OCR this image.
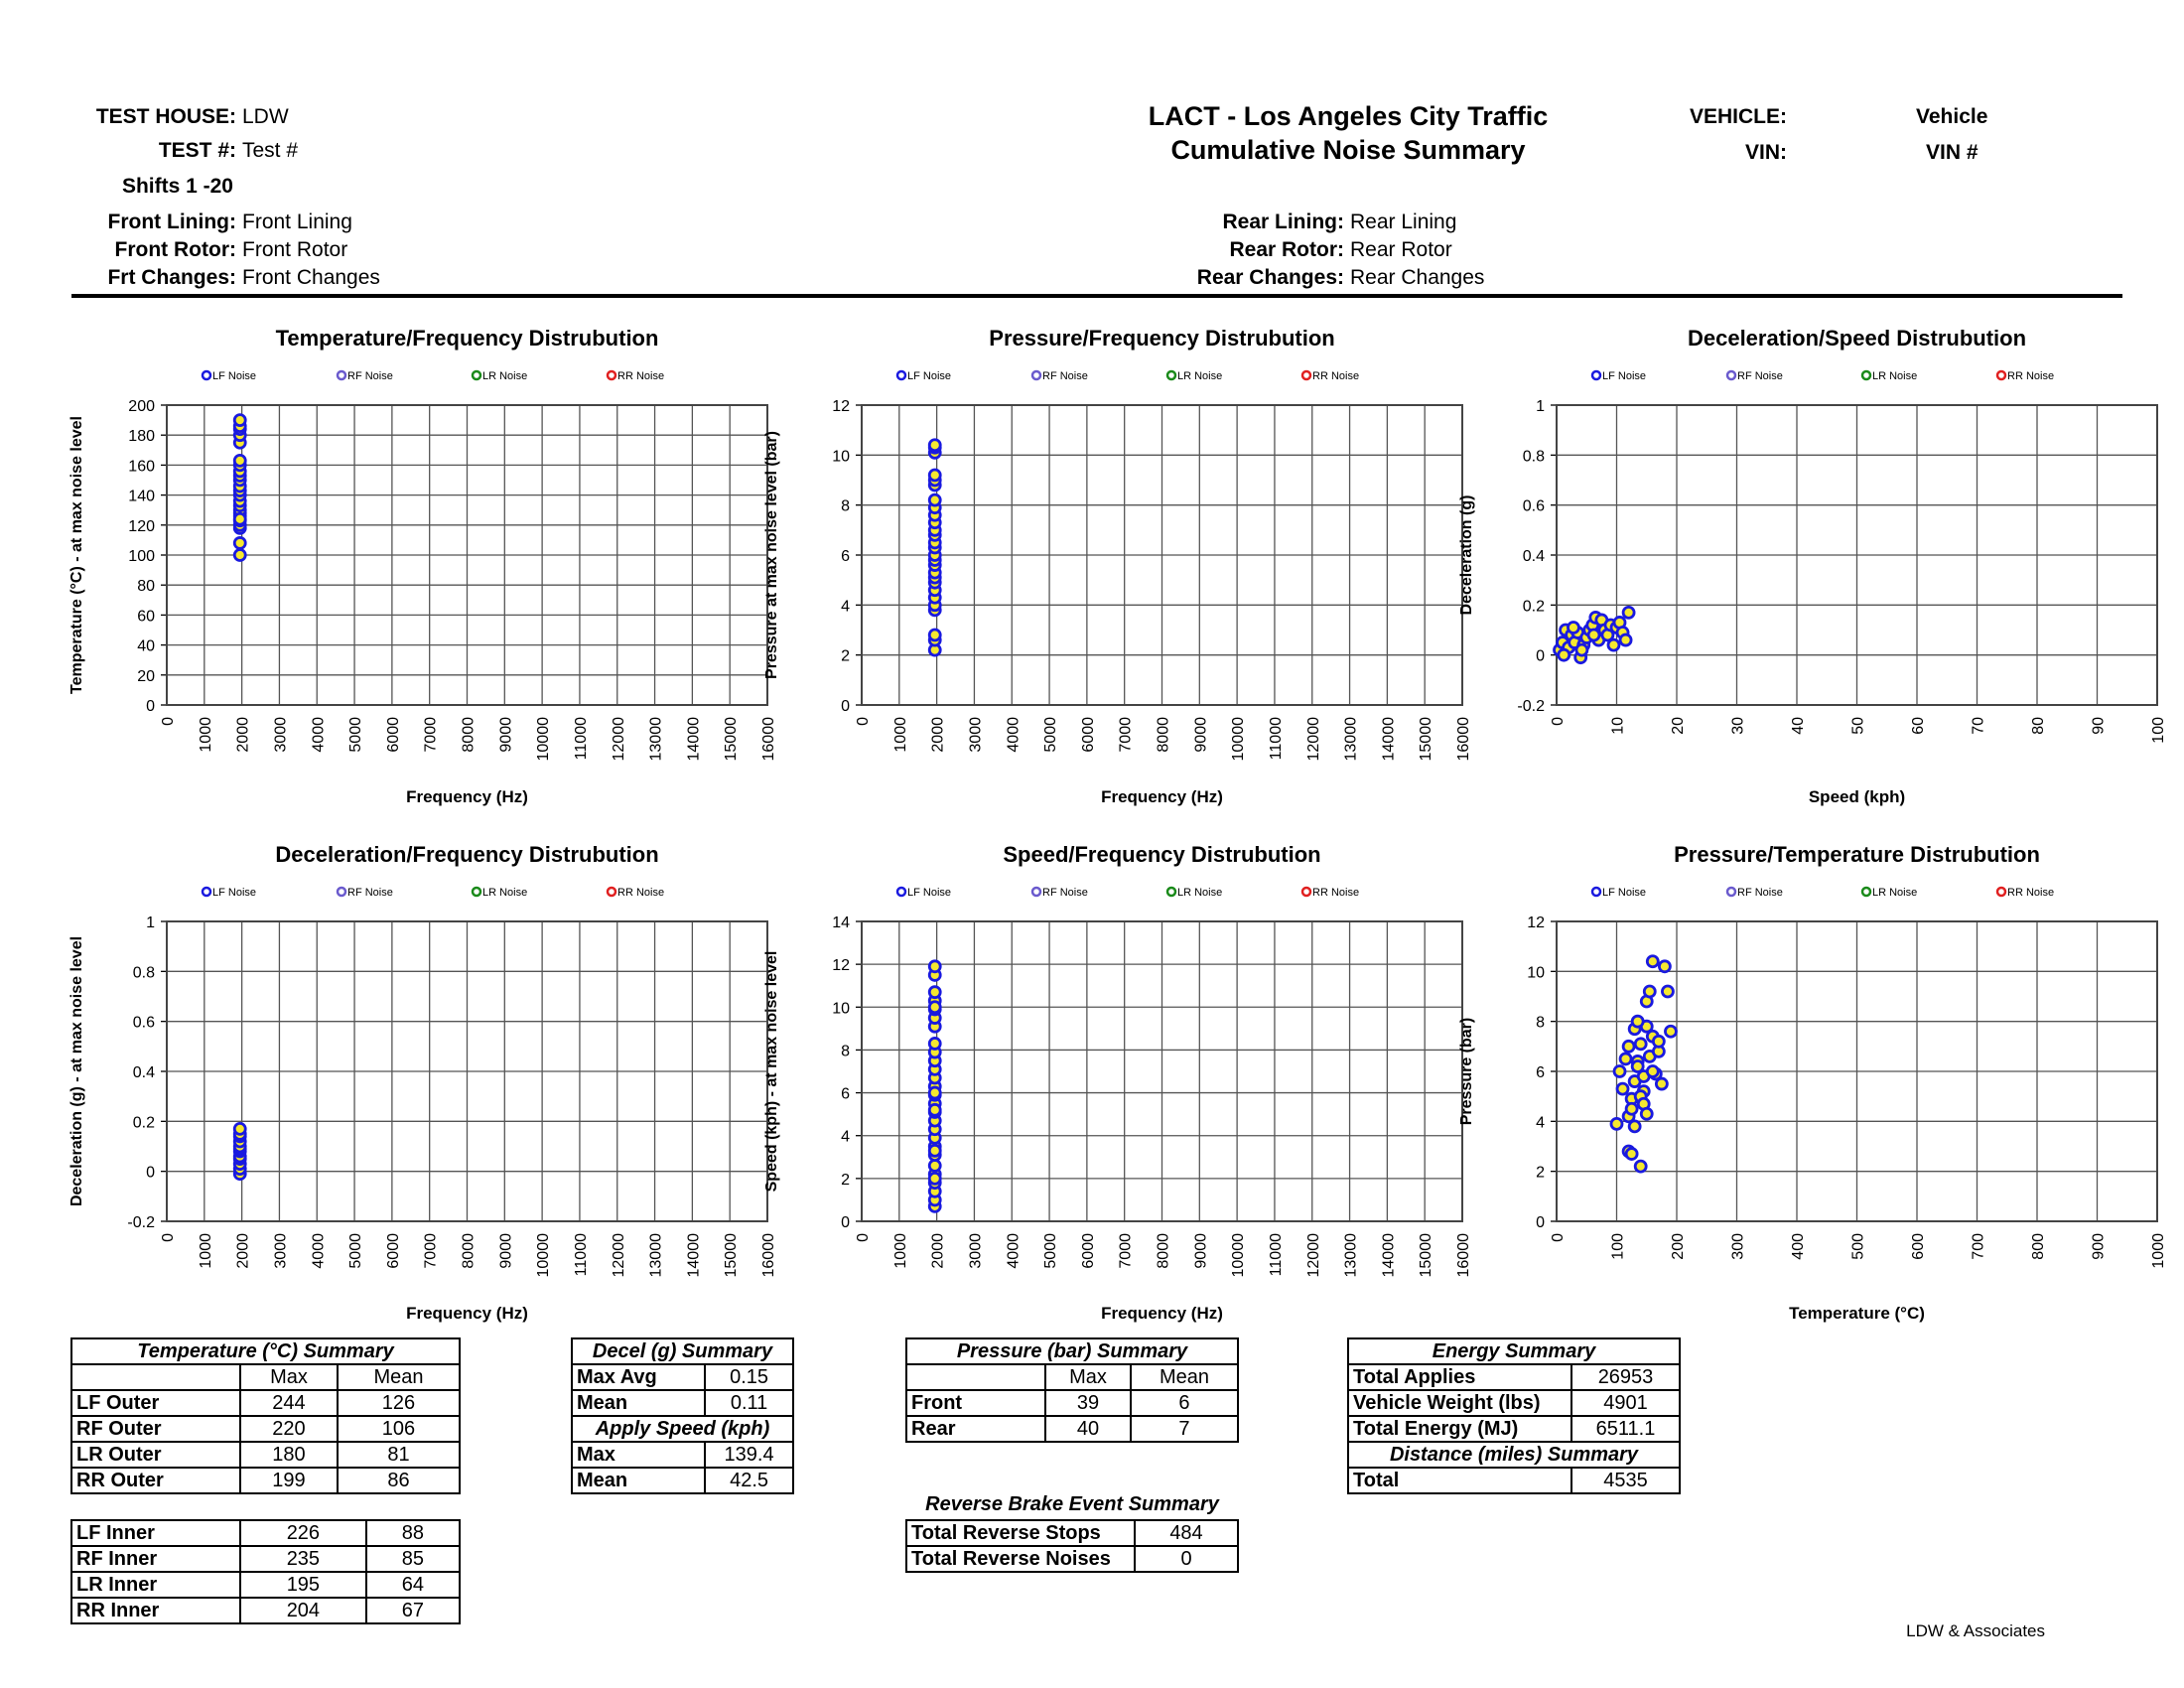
TEST HOUSE: LDW
TEST #: Test #
Shifts 1 -20
Front Lining: Front Lining
Front Rotor: Front Rotor
Frt Changes: Front Changes
LACT - Los Angeles City Traffic
Cumulative Noise Summary
VEHICLE:	Vehicle
VIN:	VIN #
Rear Lining: Rear Lining
Rear Rotor: Rear Rotor
Rear Changes: Rear Changes
Temperature/Frequency Distrubution
LF Noise	RF Noise	LR Noise	RR Noise
0 1000 2000 3000 4000 5000 6000 7000 8000 9000 10000 11000 12000 13000 14000 15000 16000
0
20
40
60
80
100
120
140
160
180
200
Frequency (Hz)
Temperature (°C) - at max noise level
Pressure/Frequency Distrubution
LF Noise	RF Noise	LR Noise	RR Noise
0 1000 2000 3000 4000 5000 6000 7000 8000 9000 10000 11000 12000 13000 14000 15000 16000
0
2
4
6
8
10
12
Frequency (Hz)
Pressure at max noise level (bar)
Deceleration/Speed Distrubution
LF Noise	RF Noise	LR Noise	RR Noise
0	10	20	30	40	50	60	70	80	90	100
-0.2
0
0.2
0.4
0.6
0.8
1
Speed (kph)
Deceleration (g)
Deceleration/Frequency Distrubution
LF Noise	RF Noise	LR Noise	RR Noise
0 1000 2000 3000 4000 5000 6000 7000 8000 9000 10000 11000 12000 13000 14000 15000 16000
-0.2
0
0.2
0.4
0.6
0.8
1
Frequency (Hz)
Deceleration (g) - at max noise level
Speed/Frequency Distrubution
LF Noise	RF Noise	LR Noise	RR Noise
0 1000 2000 3000 4000 5000 6000 7000 8000 9000 10000 11000 12000 13000 14000 15000 16000
0
2
4
6
8
10
12
14
Frequency (Hz)
Speed (kph) - at max noise level
Pressure/Temperature Distrubution
LF Noise	RF Noise	LR Noise	RR Noise
0	100	200	300	400	500	600	700	800	900	1000
0
2
4
6
8
10
12
Temperature (°C)
Pressure (bar)
Temperature (°C) Summary		
	Max	Mean
LF Outer	244	126
RF Outer	220	106
LR Outer	180	81
RR Outer	199	86
LF Inner	226	88
RF Inner	235	85
LR Inner	195	64
RR Inner	204	67
Decel (g) Summary	
Max Avg	0.15
Mean	0.11
Apply Speed (kph)	
Max	139.4
Mean	42.5
Pressure (bar) Summary		
	Max	Mean
Front	39	6
Rear	40	7
Reverse Brake Event Summary
Total Reverse Stops	484
Total Reverse Noises	0
Energy Summary	
Total Applies	26953
Vehicle Weight (lbs)	4901
Total Energy (MJ)	6511.1
Distance (miles) Summary	
Total	4535
LDW & Associates
